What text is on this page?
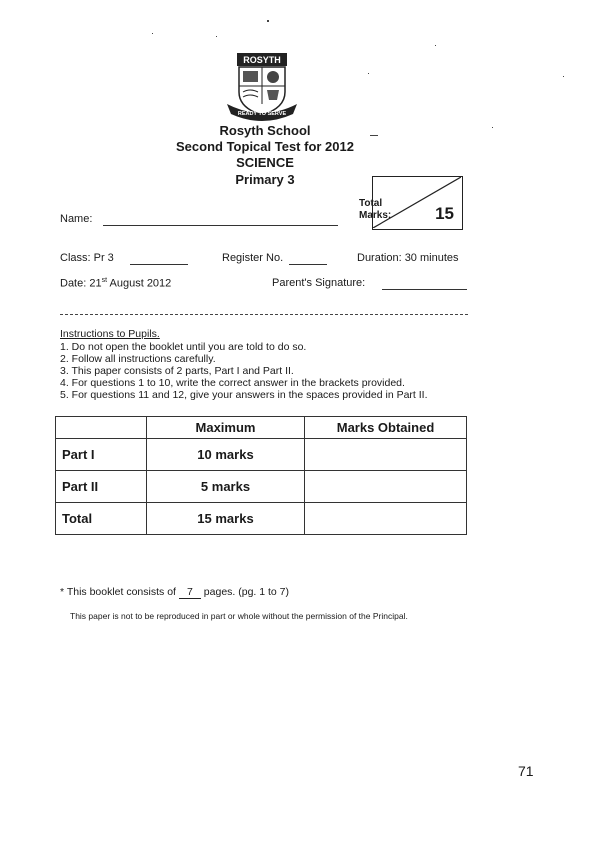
ROSYTH
READY TO SERVE
Rosyth School
Second Topical Test for 2012
SCIENCE
Primary 3
Total
Marks:	15
Name:
Class: Pr 3	Register No.	Duration: 30 minutes
Date: 21st August 2012	Parent's Signature:
Instructions to Pupils.
1. Do not open the booklet until you are told to do so.
2. Follow all instructions carefully.
3. This paper consists of 2 parts, Part I and Part II.
4. For questions 1 to 10, write the correct answer in the brackets provided.
5. For questions 11 and 12, give your answers in the spaces provided in Part II.
	Maximum	Marks Obtained
Part I	10 marks	
Part II	5 marks	
Total	15 marks	
* This booklet consists of 7 pages. (pg. 1 to 7)
This paper is not to be reproduced in part or whole without the permission of the Principal.
71
